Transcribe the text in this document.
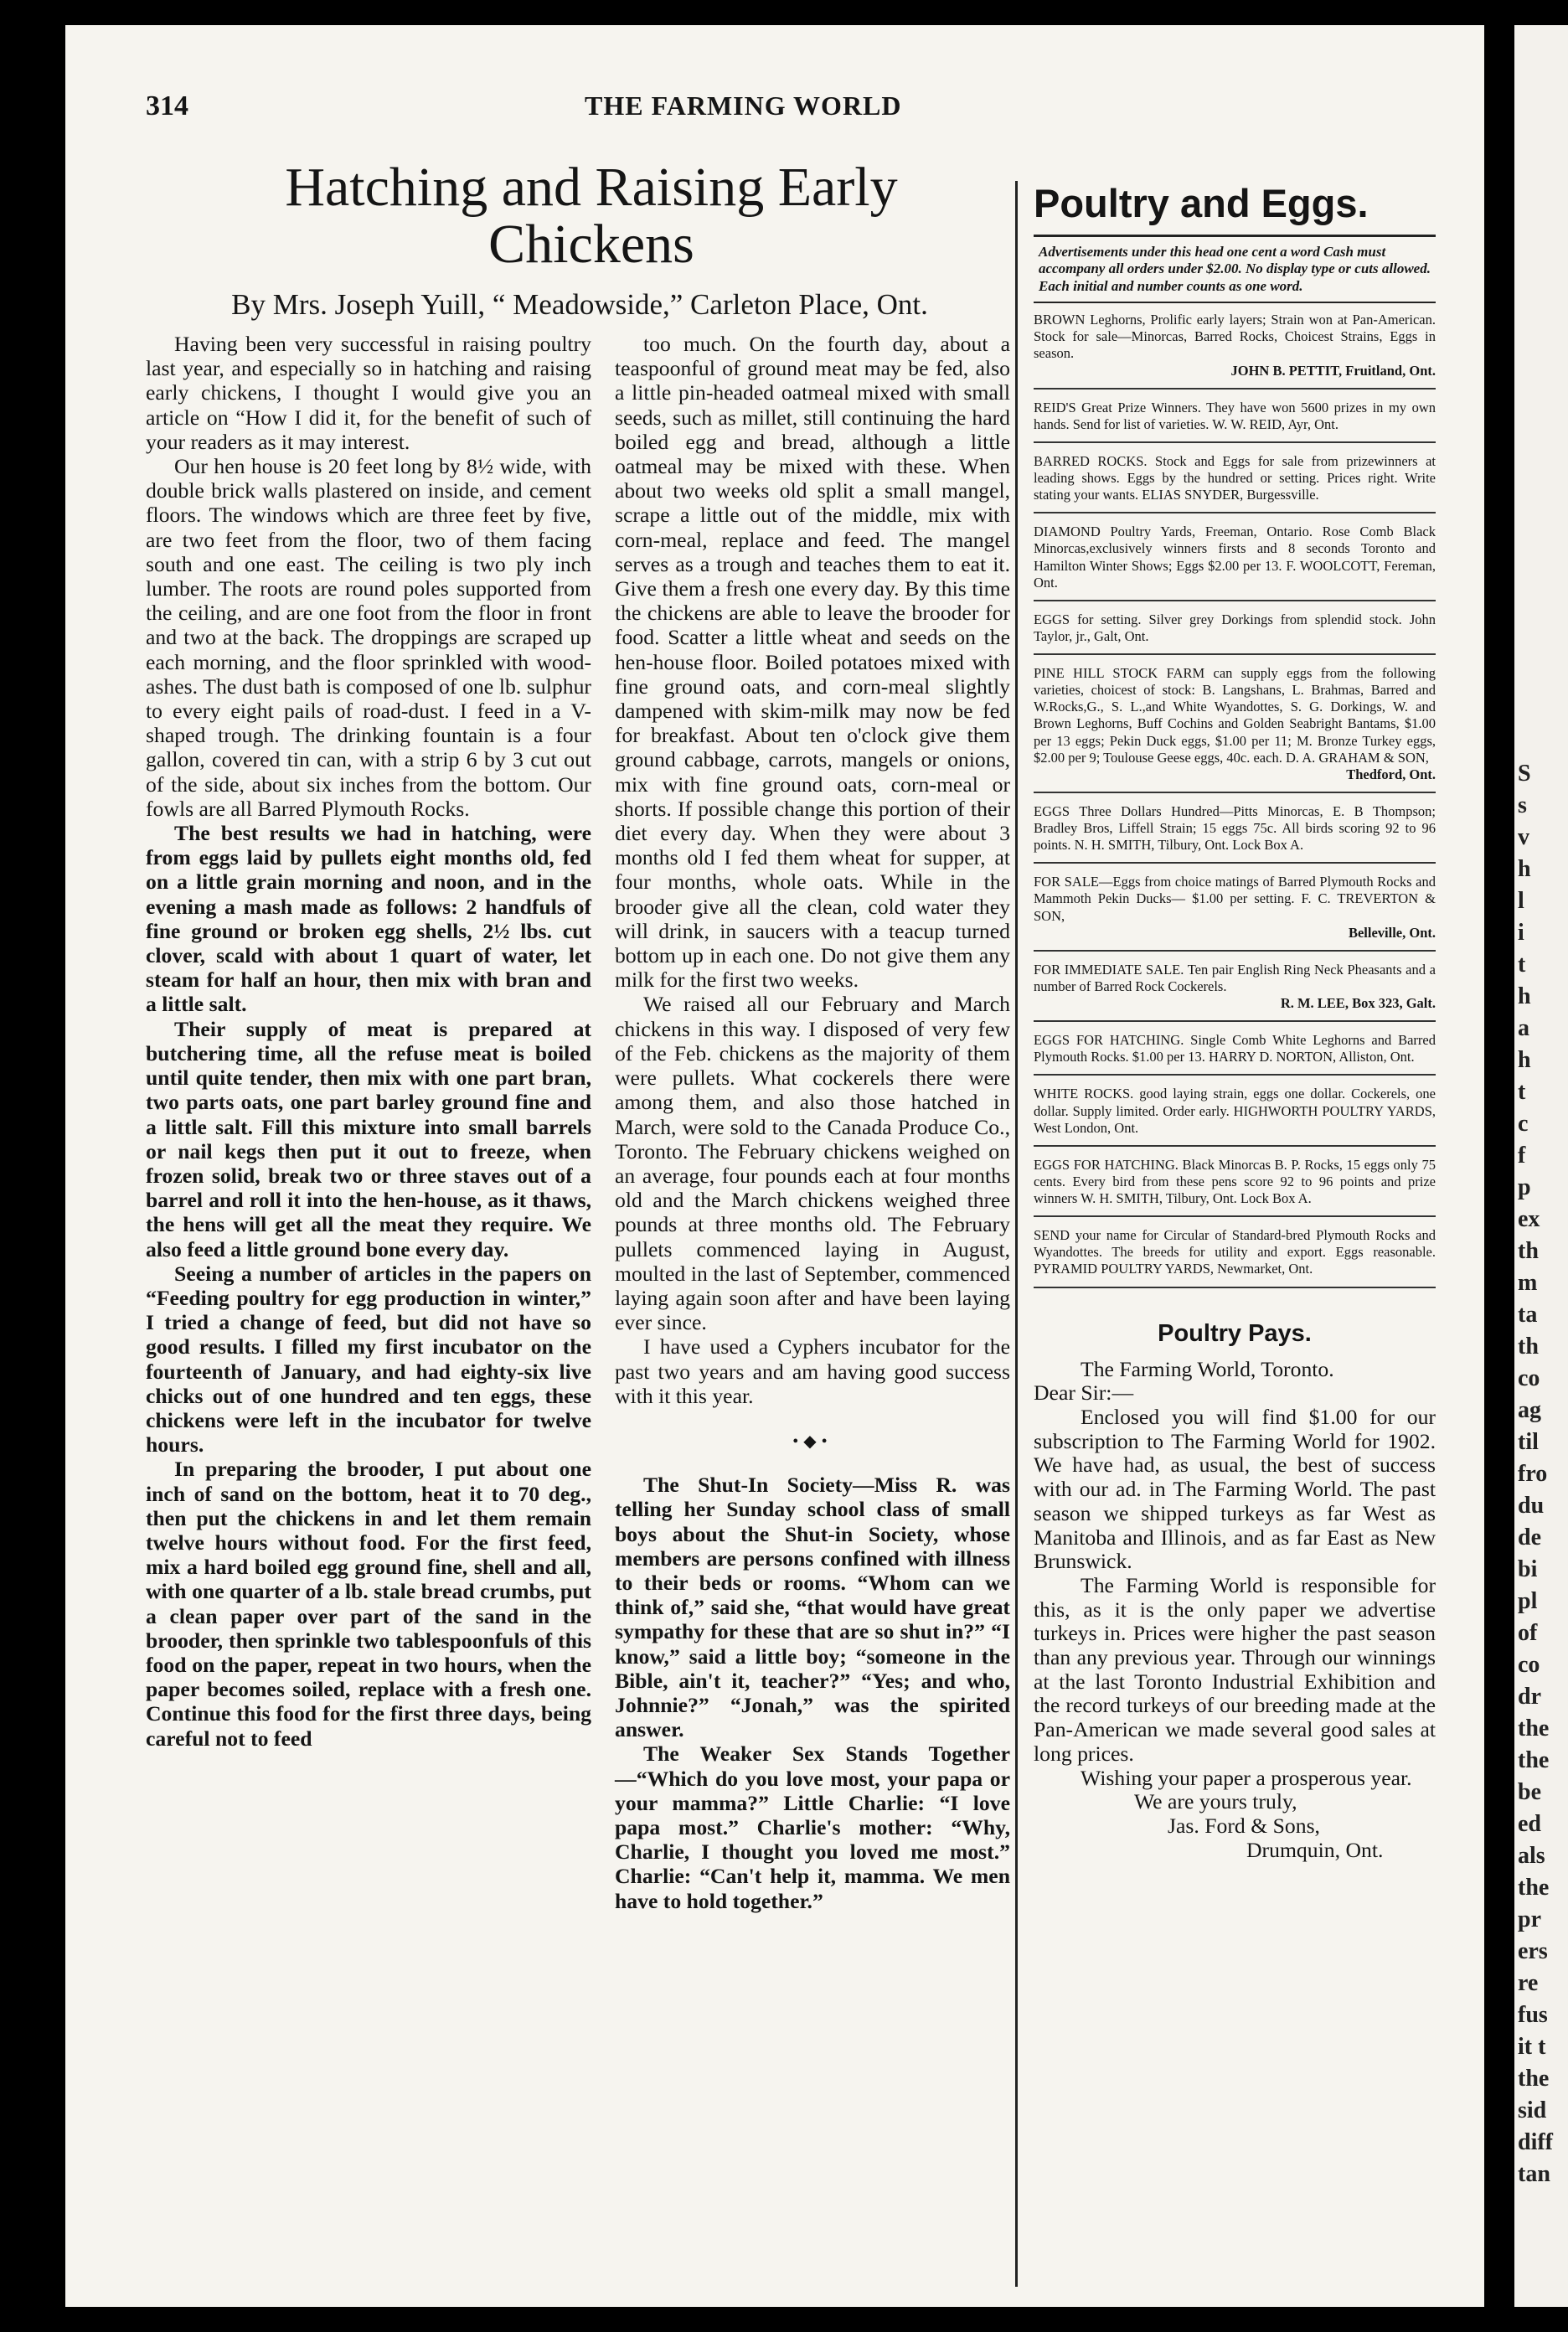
314	THE FARMING WORLD
Hatching and Raising Early Chickens
By Mrs. Joseph Yuill, “ Meadowside,” Carleton Place, Ont.

Having been very successful in raising poultry last year, and especially so in hatching and raising early chickens, I thought I would give you an article on “How I did it, for the benefit of such of your readers as it may interest.

Our hen house is 20 feet long by 8½ wide, with double brick walls plastered on inside, and cement floors. The windows which are three feet by five, are two feet from the floor, two of them facing south and one east. The ceiling is two ply inch lumber. The roots are round poles supported from the ceiling, and are one foot from the floor in front and two at the back. The droppings are scraped up each morning, and the floor sprinkled with wood-ashes. The dust bath is composed of one lb. sulphur to every eight pails of road-dust. I feed in a V-shaped trough. The drinking fountain is a four gallon, covered tin can, with a strip 6 by 3 cut out of the side, about six inches from the bottom. Our fowls are all Barred Plymouth Rocks.

The best results we had in hatching, were from eggs laid by pullets eight months old, fed on a little grain morning and noon, and in the evening a mash made as follows: 2 handfuls of fine ground or broken egg shells, 2½ lbs. cut clover, scald with about 1 quart of water, let steam for half an hour, then mix with bran and a little salt.

Their supply of meat is prepared at butchering time, all the refuse meat is boiled until quite tender, then mix with one part bran, two parts oats, one part barley ground fine and a little salt. Fill this mixture into small barrels or nail kegs then put it out to freeze, when frozen solid, break two or three staves out of a barrel and roll it into the hen-house, as it thaws, the hens will get all the meat they require. We also feed a little ground bone every day.

Seeing a number of articles in the papers on “Feeding poultry for egg production in winter,” I tried a change of feed, but did not have so good results. I filled my first incubator on the fourteenth of January, and had eighty-six live chicks out of one hundred and ten eggs, these chickens were left in the incubator for twelve hours.

In preparing the brooder, I put about one inch of sand on the bottom, heat it to 70 deg., then put the chickens in and let them remain twelve hours without food. For the first feed, mix a hard boiled egg ground fine, shell and all, with one quarter of a lb. stale bread crumbs, put a clean paper over part of the sand in the brooder, then sprinkle two tablespoonfuls of this food on the paper, repeat in two hours, when the paper becomes soiled, replace with a fresh one. Continue this food for the first three days, being careful not to feed

too much. On the fourth day, about a teaspoonful of ground meat may be fed, also a little pin-headed oatmeal mixed with small seeds, such as millet, still continuing the hard boiled egg and bread, although a little oatmeal may be mixed with these. When about two weeks old split a small mangel, scrape a little out of the middle, mix with corn-meal, replace and feed. The mangel serves as a trough and teaches them to eat it. Give them a fresh one every day. By this time the chickens are able to leave the brooder for food. Scatter a little wheat and seeds on the hen-house floor. Boiled potatoes mixed with fine ground oats, and corn-meal slightly dampened with skim-milk may now be fed for breakfast. About ten o'clock give them ground cabbage, carrots, mangels or onions, mix with fine ground oats, corn-meal or shorts. If possible change this portion of their diet every day. When they were about 3 months old I fed them wheat for supper, at four months, whole oats. While in the brooder give all the clean, cold water they will drink, in saucers with a teacup turned bottom up in each one. Do not give them any milk for the first two weeks.

We raised all our February and March chickens in this way. I disposed of very few of the Feb. chickens as the majority of them were pullets. What cockerels there were among them, and also those hatched in March, were sold to the Canada Produce Co., Toronto. The February chickens weighed on an average, four pounds each at four months old and the March chickens weighed three pounds at three months old. The February pullets commenced laying in August, moulted in the last of September, commenced laying again soon after and have been laying ever since.

I have used a Cyphers incubator for the past two years and am having good success with it this year.

•◆•

The Shut-In Society—Miss R. was telling her Sunday school class of small boys about the Shut-in Society, whose members are persons confined with illness to their beds or rooms. “Whom can we think of,” said she, “that would have great sympathy for these that are so shut in?” “I know,” said a little boy; “someone in the Bible, ain't it, teacher?” “Yes; and who, Johnnie?” “Jonah,” was the spirited answer.

The Weaker Sex Stands Together—“Which do you love most, your papa or your mamma?” Little Charlie: “I love papa most.” Charlie's mother: “Why, Charlie, I thought you loved me most.” Charlie: “Can't help it, mamma. We men have to hold together.”

Poultry and Eggs.

Advertisements under this head one cent a word Cash must accompany all orders under $2.00. No display type or cuts allowed. Each initial and number counts as one word.

BROWN Leghorns, Prolific early layers; Strain won at Pan-American. Stock for sale—Minorcas, Barred Rocks, Choicest Strains, Eggs in season.

JOHN B. PETTIT, Fruitland, Ont.

REID'S Great Prize Winners. They have won 5600 prizes in my own hands. Send for list of varieties. W. W. REID, Ayr, Ont.

BARRED ROCKS. Stock and Eggs for sale from prizewinners at leading shows. Eggs by the hundred or setting. Prices right. Write stating your wants. ELIAS SNYDER, Burgessville.

DIAMOND Poultry Yards, Freeman, Ontario. Rose Comb Black Minorcas,exclusively winners firsts and 8 seconds Toronto and Hamilton Winter Shows; Eggs $2.00 per 13. F. WOOLCOTT, Fereman, Ont.

EGGS for setting. Silver grey Dorkings from splendid stock. John Taylor, jr., Galt, Ont.

PINE HILL STOCK FARM can supply eggs from the following varieties, choicest of stock: B. Langshans, L. Brahmas, Barred and W.Rocks,G., S. L.,and White Wyandottes, S. G. Dorkings, W. and Brown Leghorns, Buff Cochins and Golden Seabright Bantams, $1.00 per 13 eggs; Pekin Duck eggs, $1.00 per 11; M. Bronze Turkey eggs, $2.00 per 9; Toulouse Geese eggs, 40c. each. D. A. GRAHAM & SON,

Thedford, Ont.

EGGS Three Dollars Hundred—Pitts Minorcas, E. B Thompson; Bradley Bros, Liffell Strain; 15 eggs 75c. All birds scoring 92 to 96 points. N. H. SMITH, Tilbury, Ont. Lock Box A.

FOR SALE—Eggs from choice matings of Barred Plymouth Rocks and Mammoth Pekin Ducks— $1.00 per setting. F. C. TREVERTON & SON,

Belleville, Ont.

FOR IMMEDIATE SALE. Ten pair English Ring Neck Pheasants and a number of Barred Rock Cockerels.

R. M. LEE, Box 323, Galt.

EGGS FOR HATCHING. Single Comb White Leghorns and Barred Plymouth Rocks. $1.00 per 13. HARRY D. NORTON, Alliston, Ont.

WHITE ROCKS. good laying strain, eggs one dollar. Cockerels, one dollar. Supply limited. Order early. HIGHWORTH POULTRY YARDS, West London, Ont.

EGGS FOR HATCHING. Black Minorcas B. P. Rocks, 15 eggs only 75 cents. Every bird from these pens score 92 to 96 points and prize winners W. H. SMITH, Tilbury, Ont. Lock Box A.

SEND your name for Circular of Standard-bred Plymouth Rocks and Wyandottes. The breeds for utility and export. Eggs reasonable. PYRAMID POULTRY YARDS, Newmarket, Ont.

Poultry Pays.

The Farming World, Toronto.

Dear Sir:—

Enclosed you will find $1.00 for our subscription to The Farming World for 1902. We have had, as usual, the best of success with our ad. in The Farming World. The past season we shipped turkeys as far West as Manitoba and Illinois, and as far East as New Brunswick.

The Farming World is responsible for this, as it is the only paper we advertise turkeys in. Prices were higher the past season than any previous year. Through our winnings at the last Toronto Industrial Exhibition and the record turkeys of our breeding made at the Pan-American we made several good sales at long prices.

Wishing your paper a prosperous year.

We are yours truly,

Jas. Ford & Sons,

Drumquin, Ont.

S
s
v
h
l
i
t
h
a
h
t
c
f
p
ex
th
m
ta
th
co
ag
til
fro
du
de
bi
pl
of
co
dr
the
the
be
ed
als
the
pr
ers
re
fus
it t
the
sid
diff
tan
